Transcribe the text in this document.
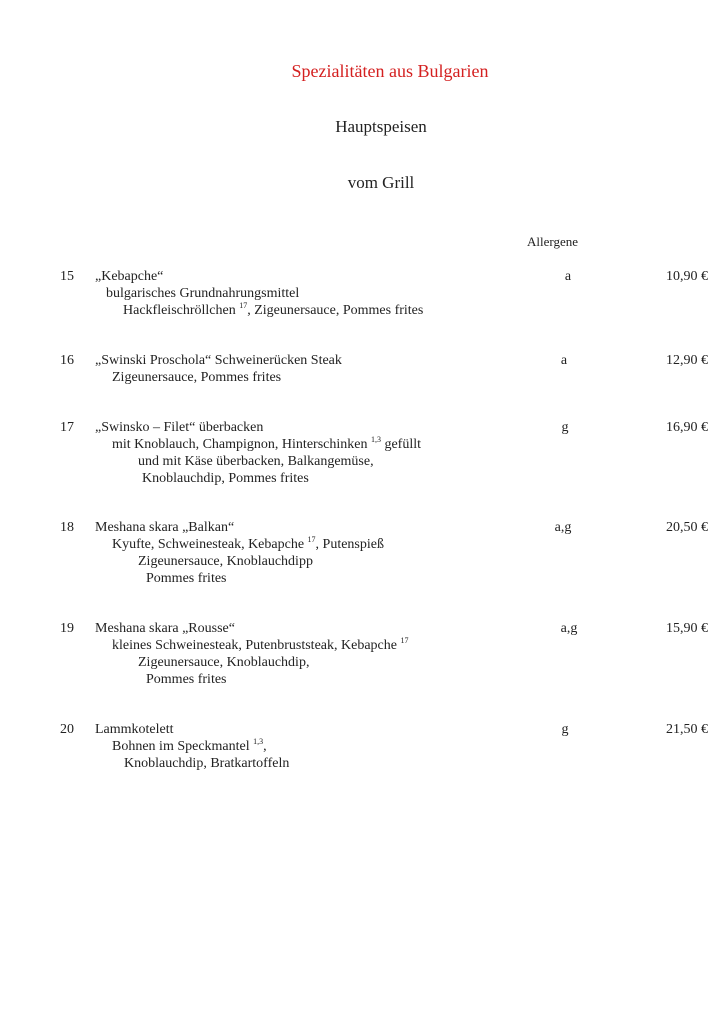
Spezialitäten aus Bulgarien
Hauptspeisen
vom Grill
Allergene
15	a	10,90 €
„Kebapche“
bulgarisches Grundnahrungsmittel
Hackfleischröllchen $^{17}$, Zigeunersauce, Pommes frites
16	a	12,90 €
„Swinski Proschola“ Schweinerücken Steak
Zigeunersauce, Pommes frites
17	g	16,90 €
„Swinsko – Filet“ überbacken
mit Knoblauch, Champignon, Hinterschinken $^{1,3}$ gefüllt
und mit Käse überbacken, Balkangemüse,
Knoblauchdip, Pommes frites
18	a,g	20,50 €
Meshana skara „Balkan“
Kyufte, Schweinesteak, Kebapche $^{17}$, Putenspieß
Zigeunersauce, Knoblauchdipp
Pommes frites
19	a,g	15,90 €
Meshana skara „Rousse“
kleines Schweinesteak, Putenbruststeak, Kebapche $^{17}$
Zigeunersauce, Knoblauchdip,
Pommes frites
20	g	21,50 €
Lammkotelett
Bohnen im Speckmantel $^{1,3}$,
Knoblauchdip, Bratkartoffeln
